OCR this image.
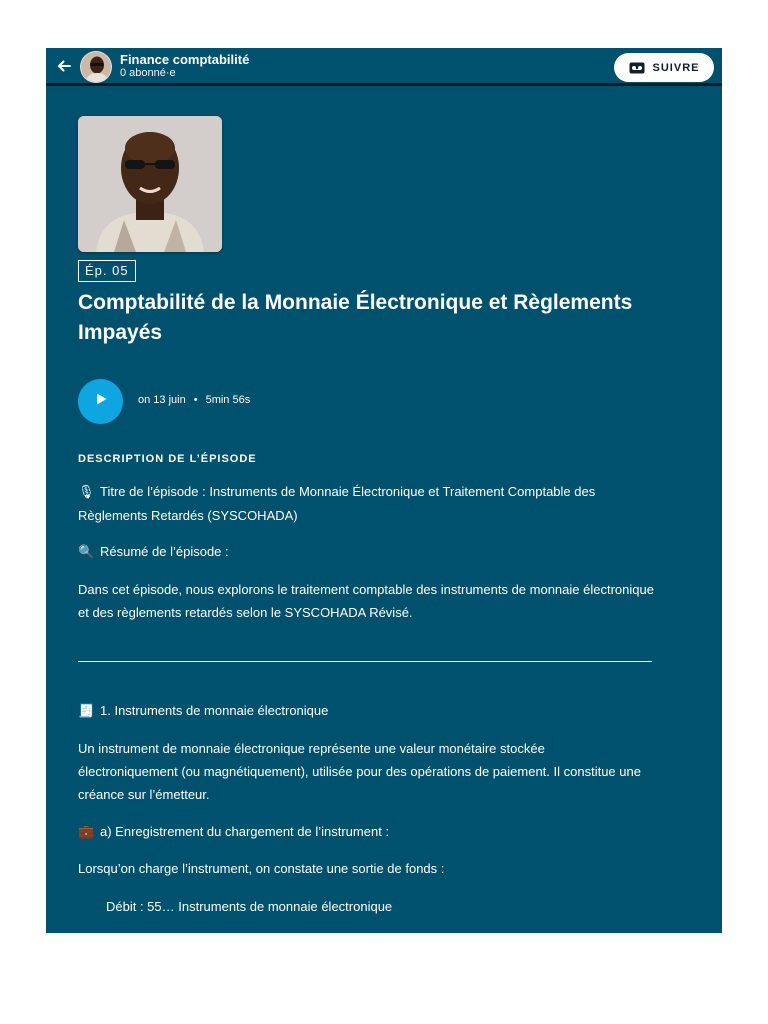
Finance comptabilité
0 abonné·e	SUIVRE
Ép. 05
Comptabilité de la Monnaie Électronique et Règlements Impayés
on 13 juin • 5min 56s
DESCRIPTION DE L’ÉPISODE
🎙 Titre de l’épisode : Instruments de Monnaie Électronique et Traitement Comptable des Règlements Retardés (SYSCOHADA)
🔍 Résumé de l’épisode :
Dans cet épisode, nous explorons le traitement comptable des instruments de monnaie électronique et des règlements retardés selon le SYSCOHADA Révisé.
🧾 1. Instruments de monnaie électronique
Un instrument de monnaie électronique représente une valeur monétaire stockée électroniquement (ou magnétiquement), utilisée pour des opérations de paiement. Il constitue une créance sur l’émetteur.
💼 a) Enregistrement du chargement de l’instrument :
Lorsqu’on charge l’instrument, on constate une sortie de fonds :
Débit : 55… Instruments de monnaie électronique
